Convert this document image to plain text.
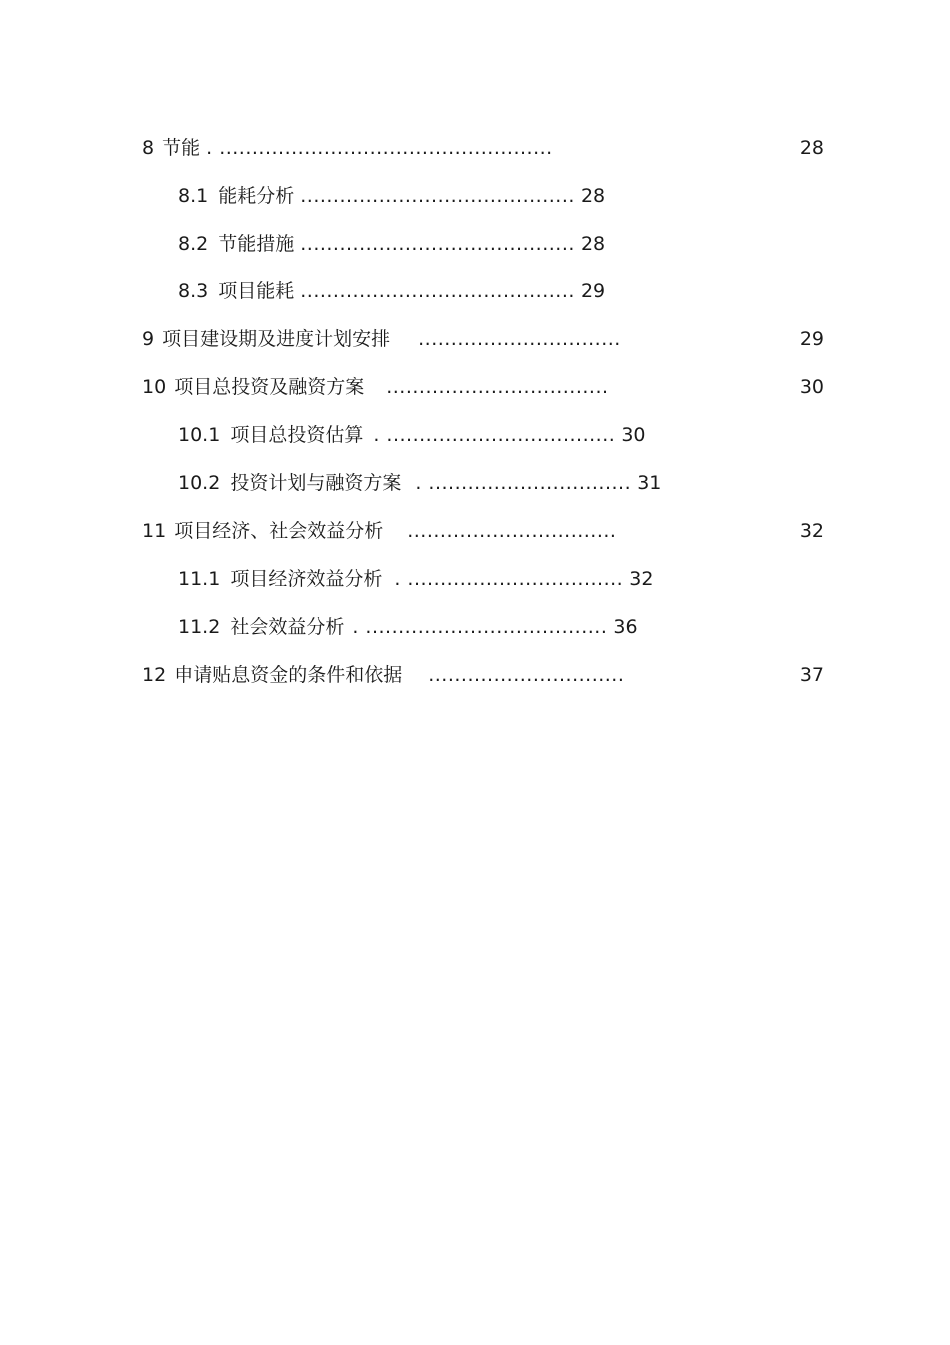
8 节能 . ...................................................	28
8.1 能耗分析 .......................................... 28
8.2 节能措施 .......................................... 28
8.3 项目能耗 .......................................... 29
9 项目建设期及进度计划安排 ...............................	29
10 项目总投资及融资方案 ..................................	30
10.1 项目总投资估算 . ................................... 30
10.2 投资计划与融资方案 . ............................... 31
11 项目经济、社会效益分析 ................................	32
11.1 项目经济效益分析 . ................................. 32
11.2 社会效益分析 . ..................................... 36
12 申请贴息资金的条件和依据 ..............................	37
